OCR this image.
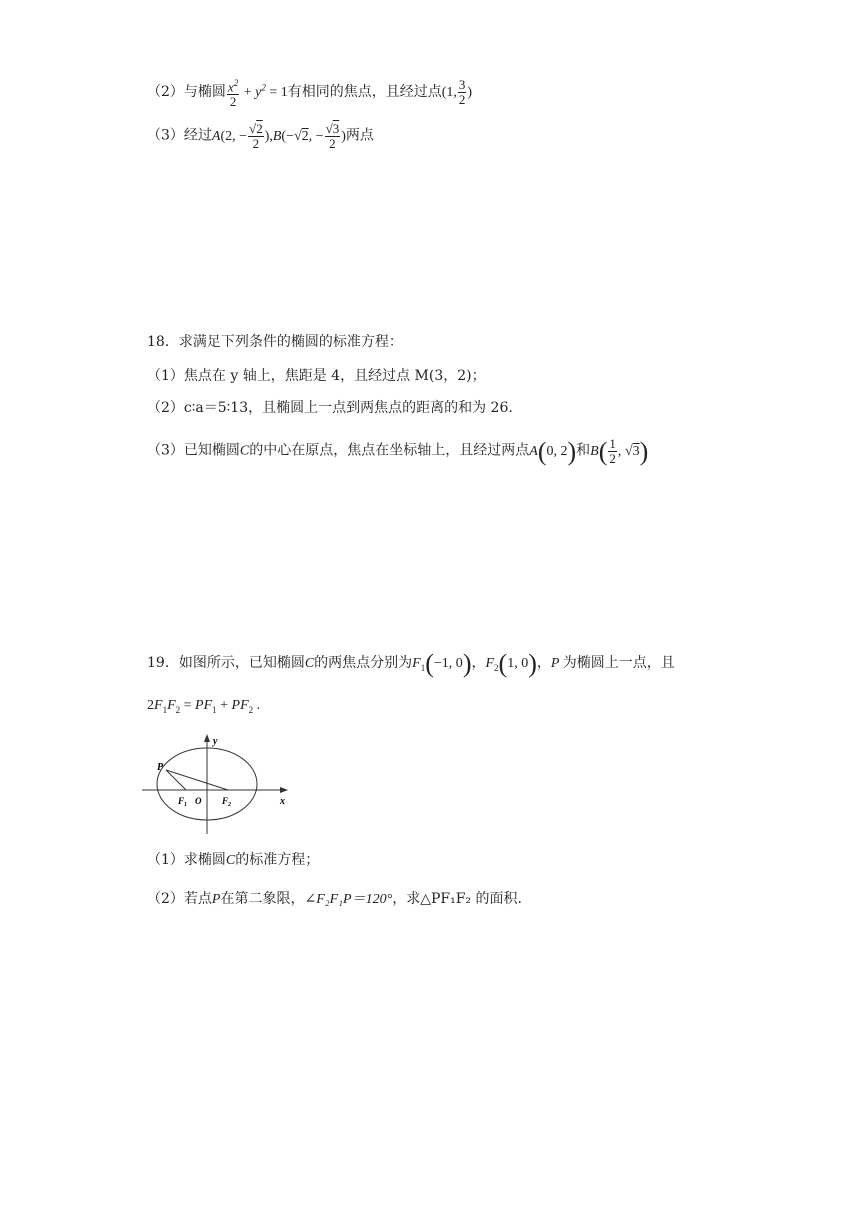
（2）与椭圆 $\frac{x^2}{2} + y^2 = 1$有相同的焦点，且经过点(1, $\frac{3}{2}$ )
（3）经过A(2, − $\frac{√2}{2} ),B(-√2$, − $\frac{√3}{2}$ )两点
18．求满足下列条件的椭圆的标准方程：
（1）焦点在 y 轴上，焦距是 4，且经过点 M(3，2)；
（2）c∶a＝5∶13，且椭圆上一点到两焦点的距离的和为 26.
（3）已知椭圆C的中心在原点，焦点在坐标轴上，且经过两点A(0, 2)和$B( \frac{1}{2}$ , √3)
19．如图所示，已知椭圆C的两焦点分别为$F_1(-1$, 0)，$F_2(1$, 0)，P 为椭圆上一点，且
$2F_1F_2 = PF_1 + PF_2$ .
y
x
P
$F_1$ O $F_2$
（1）求椭圆C的标准方程；
（2）若点P在第二象限，∠F₂F₁P＝120°，求△PF₁F₂ 的面积.
